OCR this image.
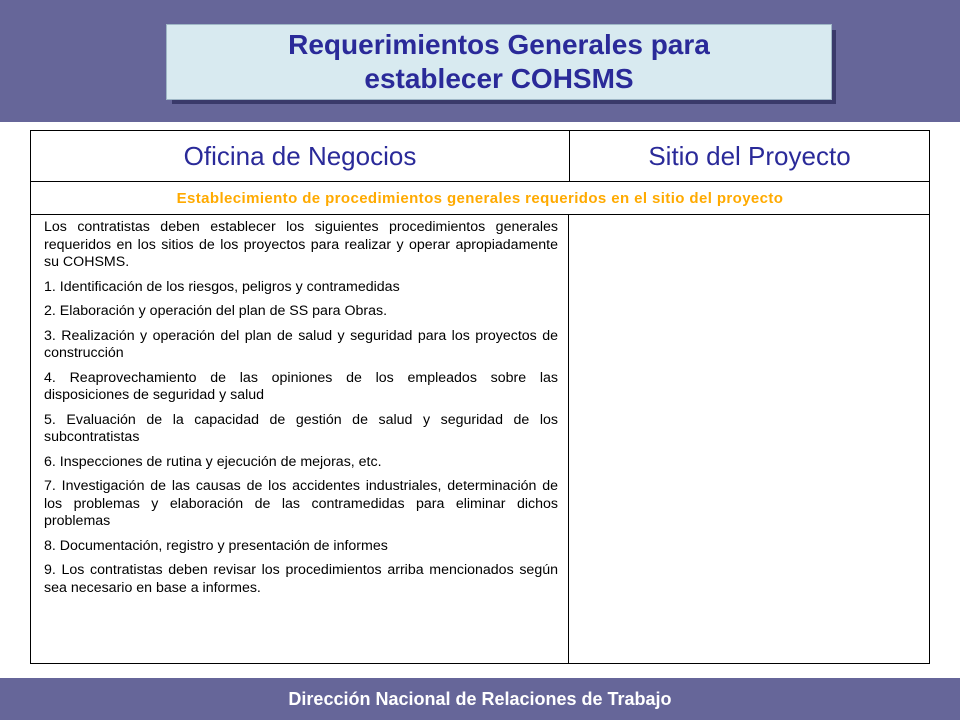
Requerimientos Generales para
establecer COHSMS
Oficina de Negocios	Sitio del Proyecto
Establecimiento de procedimientos generales requeridos en el sitio del proyecto

Los contratistas deben establecer los siguientes procedimientos generales requeridos en los sitios de los proyectos para realizar y operar apropiadamente su COHSMS.

1. Identificación de los riesgos, peligros y contramedidas

2. Elaboración y operación del plan de SS para Obras.

3. Realización y operación del plan de salud y seguridad para los proyectos de construcción

4. Reaprovechamiento de las opiniones de los empleados sobre las disposiciones de seguridad y salud

5. Evaluación de la capacidad de gestión de salud y seguridad de los subcontratistas

6. Inspecciones de rutina y ejecución de mejoras, etc.

7. Investigación de las causas de los accidentes industriales, determinación de los problemas y elaboración de las contramedidas para eliminar dichos problemas

8. Documentación, registro y presentación de informes

9. Los contratistas deben revisar los procedimientos arriba mencionados según sea necesario en base a informes.

Dirección Nacional de Relaciones de Trabajo
